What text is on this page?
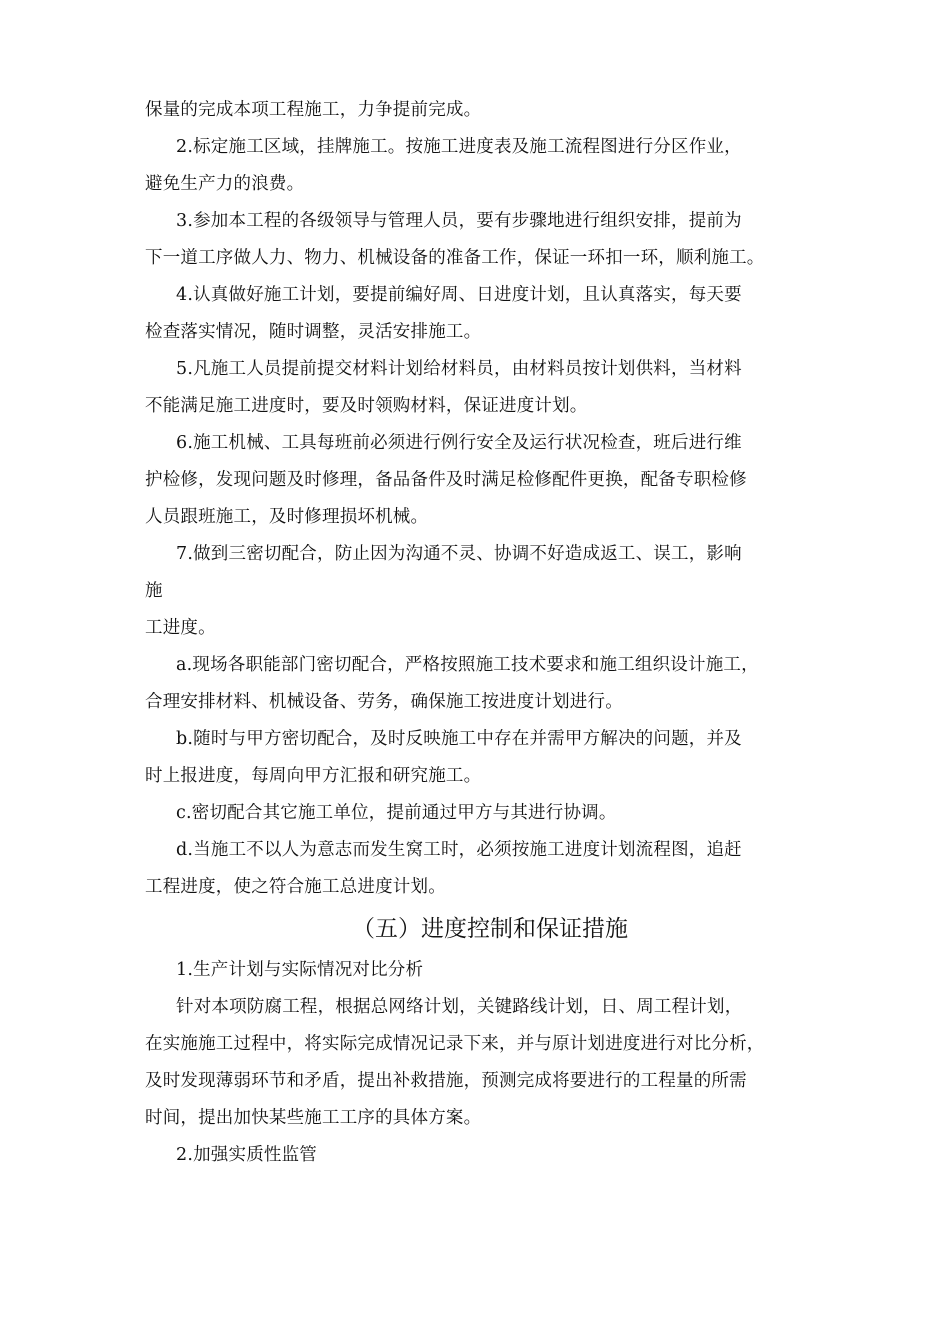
保量的完成本项工程施工，力争提前完成。
2.标定施工区域，挂牌施工。按施工进度表及施工流程图进行分区作业，
避免生产力的浪费。
3.参加本工程的各级领导与管理人员，要有步骤地进行组织安排，提前为
下一道工序做人力、物力、机械设备的准备工作，保证一环扣一环，顺利施工。
4.认真做好施工计划，要提前编好周、日进度计划，且认真落实，每天要
检查落实情况，随时调整，灵活安排施工。
5.凡施工人员提前提交材料计划给材料员，由材料员按计划供料，当材料
不能满足施工进度时，要及时领购材料，保证进度计划。
6.施工机械、工具每班前必须进行例行安全及运行状况检查，班后进行维
护检修，发现问题及时修理，备品备件及时满足检修配件更换，配备专职检修
人员跟班施工，及时修理损坏机械。
7.做到三密切配合，防止因为沟通不灵、协调不好造成返工、误工，影响
施
工进度。
a.现场各职能部门密切配合，严格按照施工技术要求和施工组织设计施工，
合理安排材料、机械设备、劳务，确保施工按进度计划进行。
b.随时与甲方密切配合，及时反映施工中存在并需甲方解决的问题，并及
时上报进度，每周向甲方汇报和研究施工。
c.密切配合其它施工单位，提前通过甲方与其进行协调。
d.当施工不以人为意志而发生窝工时，必须按施工进度计划流程图，追赶
工程进度，使之符合施工总进度计划。
（五）进度控制和保证措施
1.生产计划与实际情况对比分析
针对本项防腐工程，根据总网络计划，关键路线计划，日、周工程计划，
在实施施工过程中，将实际完成情况记录下来，并与原计划进度进行对比分析，
及时发现薄弱环节和矛盾，提出补救措施，预测完成将要进行的工程量的所需
时间，提出加快某些施工工序的具体方案。
2.加强实质性监管
